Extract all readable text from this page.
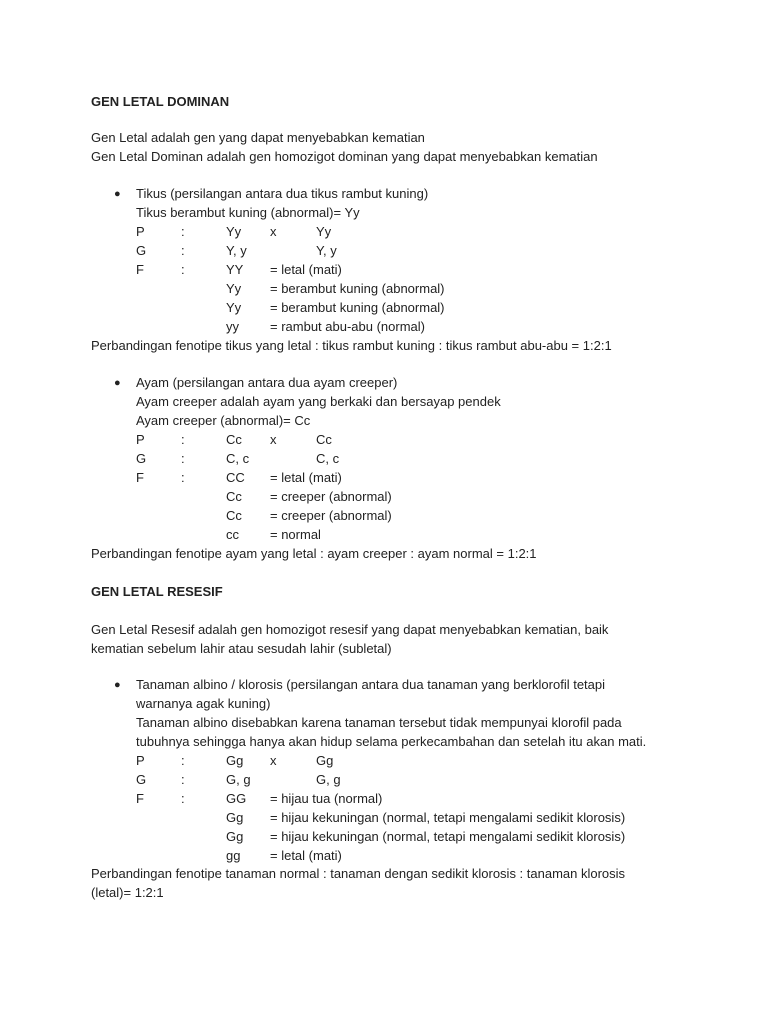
GEN LETAL DOMINAN
Gen Letal adalah gen yang dapat menyebabkan kematian
Gen Letal Dominan adalah gen homozigot dominan yang dapat menyebabkan kematian
● Tikus (persilangan antara dua tikus rambut kuning)
Tikus berambut kuning (abnormal)= Yy
P	:	Yy x	Yy
G	:	Y, y	Y, y
F	:	YY = letal (mati)
Yy = berambut kuning (abnormal)
Yy = berambut kuning (abnormal)
yy = rambut abu-abu (normal)
Perbandingan fenotipe tikus yang letal : tikus rambut kuning : tikus rambut abu-abu = 1:2:1
● Ayam (persilangan antara dua ayam creeper)
Ayam creeper adalah ayam yang berkaki dan bersayap pendek
Ayam creeper (abnormal)= Cc
P	:	Cc x	Cc
G	:	C, c	C, c
F	:	CC = letal (mati)
Cc = creeper (abnormal)
Cc = creeper (abnormal)
cc = normal
Perbandingan fenotipe ayam yang letal : ayam creeper : ayam normal = 1:2:1
GEN LETAL RESESIF
Gen Letal Resesif adalah gen homozigot resesif yang dapat menyebabkan kematian, baik
kematian sebelum lahir atau sesudah lahir (subletal)
● Tanaman albino / klorosis (persilangan antara dua tanaman yang berklorofil tetapi
warnanya agak kuning)
Tanaman albino disebabkan karena tanaman tersebut tidak mempunyai klorofil pada
tubuhnya sehingga hanya akan hidup selama perkecambahan dan setelah itu akan mati.
P	:	Gg x	Gg
G	:	G, g	G, g
F	:	GG = hijau tua (normal)
Gg = hijau kekuningan (normal, tetapi mengalami sedikit klorosis)
Gg = hijau kekuningan (normal, tetapi mengalami sedikit klorosis)
gg = letal (mati)
Perbandingan fenotipe tanaman normal : tanaman dengan sedikit klorosis : tanaman klorosis
(letal)= 1:2:1
